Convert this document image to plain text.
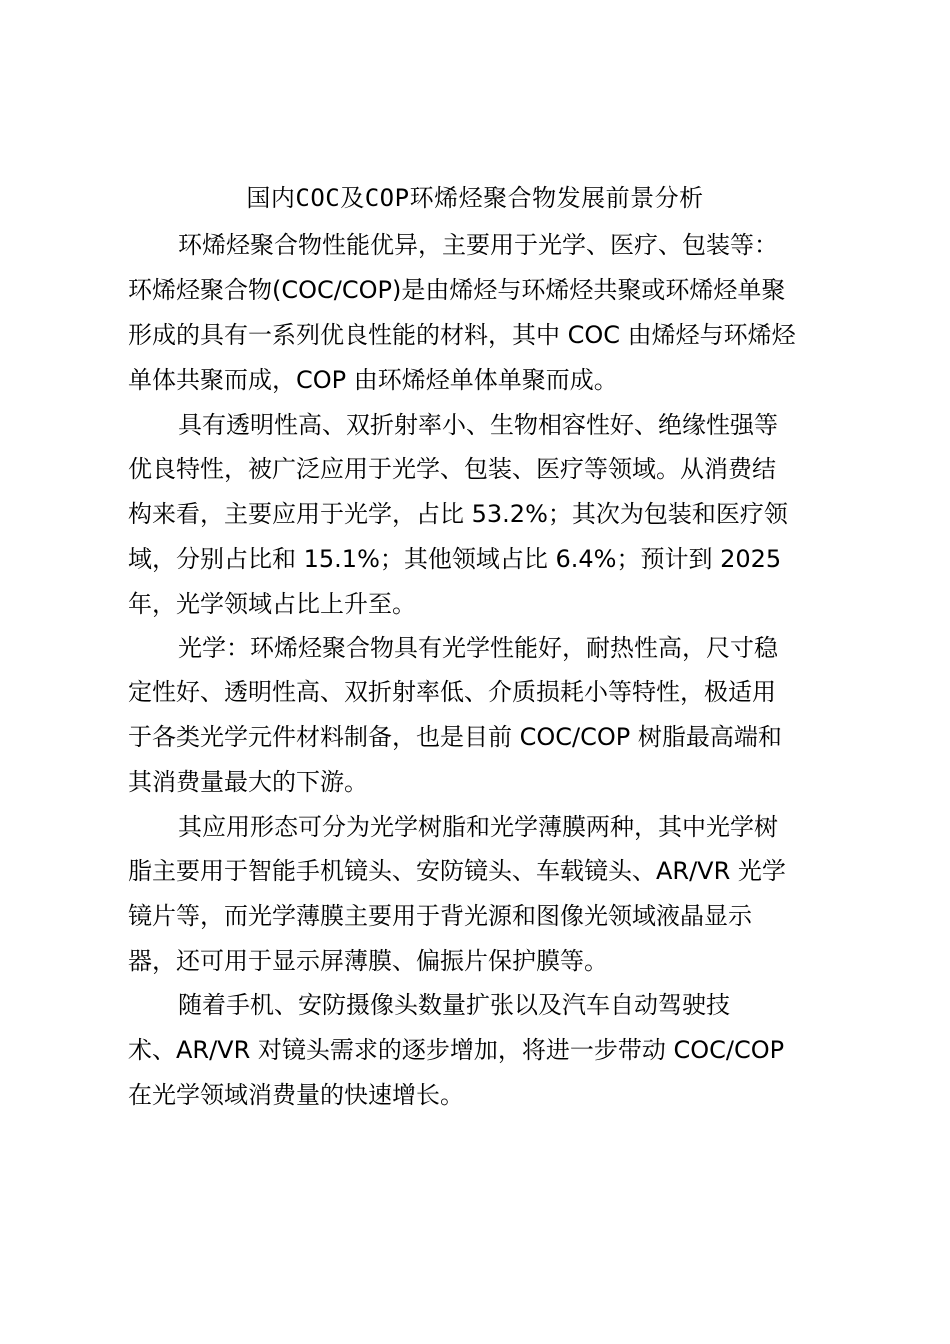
国内COC及COP环烯烃聚合物发展前景分析

环烯烃聚合物性能优异，主要用于光学、医疗、包装等：

环烯烃聚合物(COC/COP)是由烯烃与环烯烃共聚或环烯烃单聚

形成的具有一系列优良性能的材料，其中 COC 由烯烃与环烯烃

单体共聚而成，COP 由环烯烃单体单聚而成。

具有透明性高、双折射率小、生物相容性好、绝缘性强等

优良特性，被广泛应用于光学、包装、医疗等领域。从消费结

构来看，主要应用于光学，占比 53.2%；其次为包装和医疗领

域，分别占比和 15.1%；其他领域占比 6.4%；预计到 2025

年，光学领域占比上升至。

光学：环烯烃聚合物具有光学性能好，耐热性高，尺寸稳

定性好、透明性高、双折射率低、介质损耗小等特性，极适用

于各类光学元件材料制备，也是目前 COC/COP 树脂最高端和

其消费量最大的下游。

其应用形态可分为光学树脂和光学薄膜两种，其中光学树

脂主要用于智能手机镜头、安防镜头、车载镜头、AR/VR 光学

镜片等，而光学薄膜主要用于背光源和图像光领域液晶显示

器，还可用于显示屏薄膜、偏振片保护膜等。

随着手机、安防摄像头数量扩张以及汽车自动驾驶技

术、AR/VR 对镜头需求的逐步增加，将进一步带动 COC/COP

在光学领域消费量的快速增长。
